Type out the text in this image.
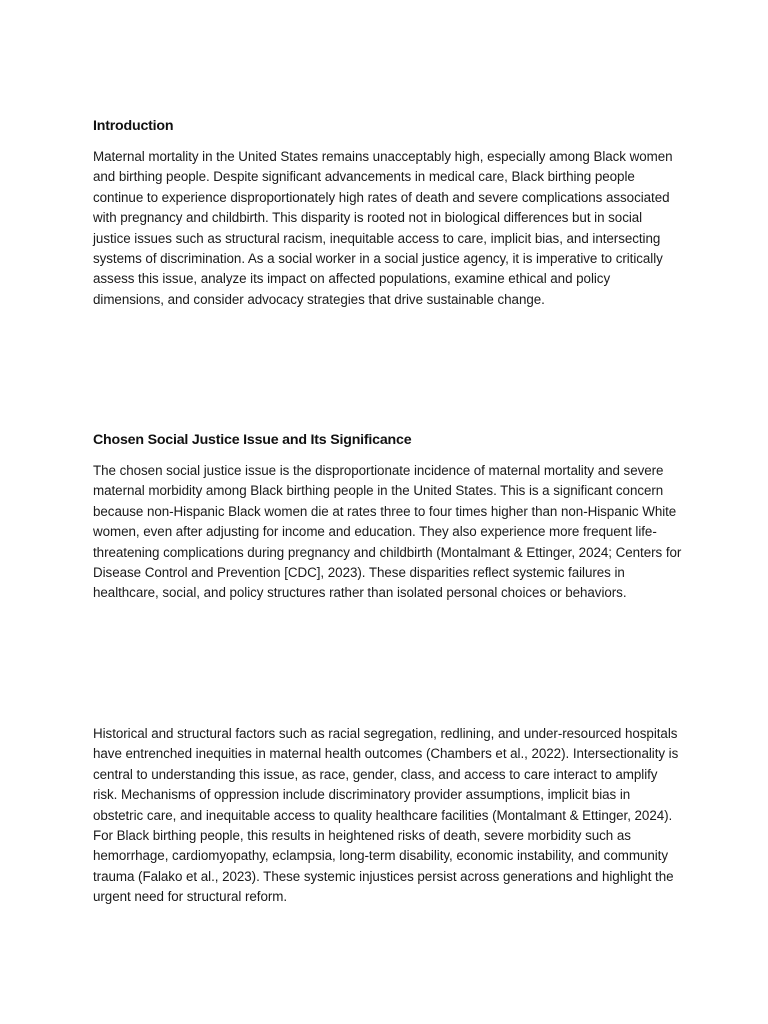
Introduction

Maternal mortality in the United States remains unacceptably high, especially among Black women and birthing people. Despite significant advancements in medical care, Black birthing people continue to experience disproportionately high rates of death and severe complications associated with pregnancy and childbirth. This disparity is rooted not in biological differences but in social justice issues such as structural racism, inequitable access to care, implicit bias, and intersecting systems of discrimination. As a social worker in a social justice agency, it is imperative to critically assess this issue, analyze its impact on affected populations, examine ethical and policy dimensions, and consider advocacy strategies that drive sustainable change.

Chosen Social Justice Issue and Its Significance

The chosen social justice issue is the disproportionate incidence of maternal mortality and severe maternal morbidity among Black birthing people in the United States. This is a significant concern because non-Hispanic Black women die at rates three to four times higher than non-Hispanic White women, even after adjusting for income and education. They also experience more frequent life-threatening complications during pregnancy and childbirth (Montalmant & Ettinger, 2024; Centers for Disease Control and Prevention [CDC], 2023). These disparities reflect systemic failures in healthcare, social, and policy structures rather than isolated personal choices or behaviors.

Historical and structural factors such as racial segregation, redlining, and under-resourced hospitals have entrenched inequities in maternal health outcomes (Chambers et al., 2022). Intersectionality is central to understanding this issue, as race, gender, class, and access to care interact to amplify risk. Mechanisms of oppression include discriminatory provider assumptions, implicit bias in obstetric care, and inequitable access to quality healthcare facilities (Montalmant & Ettinger, 2024). For Black birthing people, this results in heightened risks of death, severe morbidity such as hemorrhage, cardiomyopathy, eclampsia, long-term disability, economic instability, and community trauma (Falako et al., 2023). These systemic injustices persist across generations and highlight the urgent need for structural reform.
